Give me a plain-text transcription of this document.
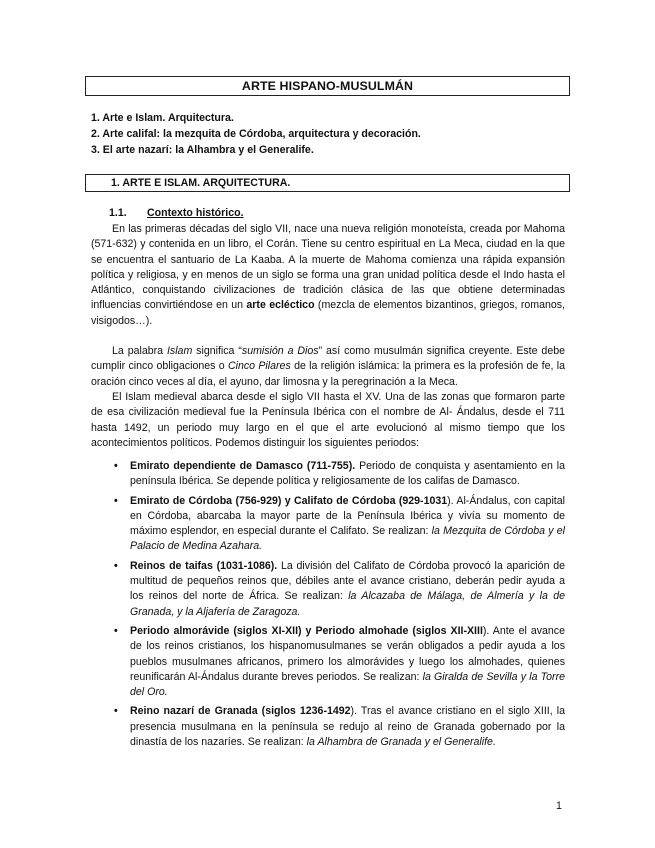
ARTE HISPANO-MUSULMÁN
1. Arte e Islam. Arquitectura.
2. Arte califal: la mezquita de Córdoba, arquitectura y decoración.
3. El arte nazarí: la Alhambra y el Generalife.
1. ARTE E ISLAM. ARQUITECTURA.
1.1. Contexto histórico.
En las primeras décadas del siglo VII, nace una nueva religión monoteísta, creada por Mahoma (571-632) y contenida en un libro, el Corán. Tiene su centro espiritual en La Meca, ciudad en la que se encuentra el santuario de La Kaaba. A la muerte de Mahoma comienza una rápida expansión política y religiosa, y en menos de un siglo se forma una gran unidad política desde el Indo hasta el Atlántico, conquistando civilizaciones de tradición clásica de las que obtiene determinadas influencias convirtiéndose en un arte ecléctico (mezcla de elementos bizantinos, griegos, romanos, visigodos…).
La palabra Islam significa “sumisión a Dios” así como musulmán significa creyente. Este debe cumplir cinco obligaciones o Cinco Pilares de la religión islámica: la primera es la profesión de fe, la oración cinco veces al día, el ayuno, dar limosna y la peregrinación a la Meca.
El Islam medieval abarca desde el siglo VII hasta el XV. Una de las zonas que formaron parte de esa civilización medieval fue la Península Ibérica con el nombre de Al- Ándalus, desde el 711 hasta 1492, un periodo muy largo en el que el arte evolucionó al mismo tiempo que los acontecimientos políticos. Podemos distinguir los siguientes periodos:
• Emirato dependiente de Damasco (711-755). Periodo de conquista y asentamiento en la península Ibérica. Se depende política y religiosamente de los califas de Damasco.
• Emirato de Córdoba (756-929) y Califato de Córdoba (929-1031). Al-Ándalus, con capital en Córdoba, abarcaba la mayor parte de la Península Ibérica y vivía su momento de máximo esplendor, en especial durante el Califato. Se realizan: la Mezquita de Córdoba y el Palacio de Medina Azahara.
• Reinos de taifas (1031-1086). La división del Califato de Córdoba provocó la aparición de multitud de pequeños reinos que, débiles ante el avance cristiano, deberán pedir ayuda a los reinos del norte de África. Se realizan: la Alcazaba de Málaga, de Almería y la de Granada, y la Aljafería de Zaragoza.
• Periodo almorávide (siglos XI-XII) y Periodo almohade (siglos XII-XIII). Ante el avance de los reinos cristianos, los hispanomusulmanes se verán obligados a pedir ayuda a los pueblos musulmanes africanos, primero los almorávides y luego los almohades, quienes reunificarán Al-Ándalus durante breves periodos. Se realizan: la Giralda de Sevilla y la Torre del Oro.
• Reino nazarí de Granada (siglos 1236-1492). Tras el avance cristiano en el siglo XIII, la presencia musulmana en la península se redujo al reino de Granada gobernado por la dinastía de los nazaríes. Se realizan: la Alhambra de Granada y el Generalife.
1
